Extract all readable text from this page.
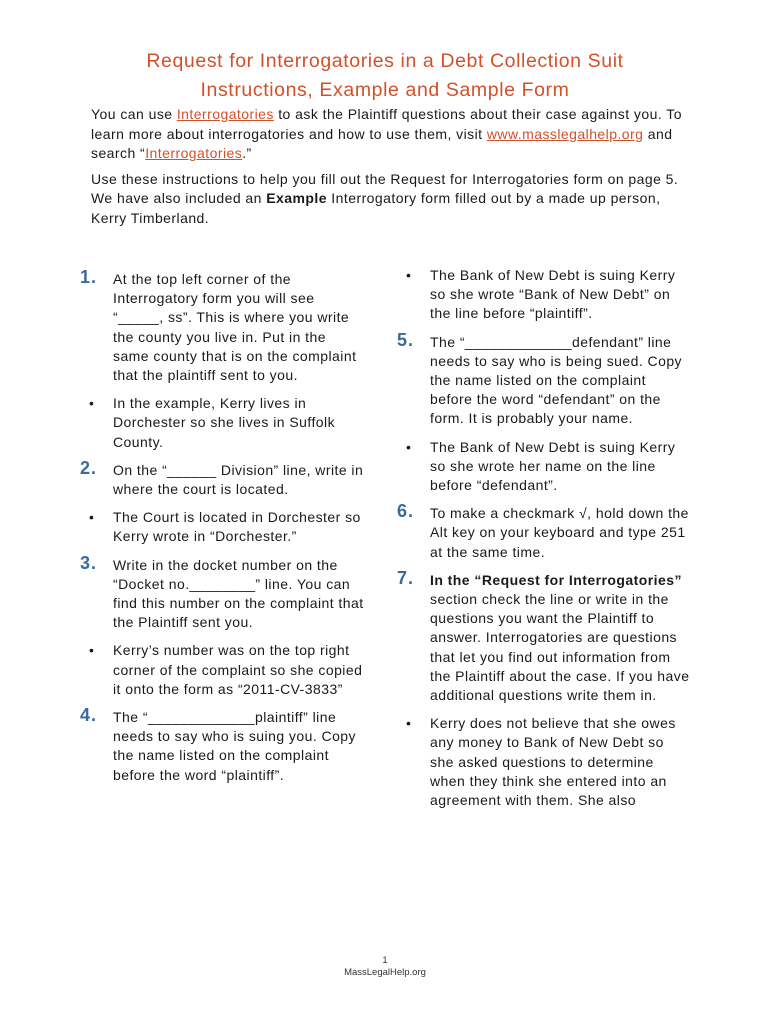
Request for Interrogatories in a Debt Collection Suit
Instructions, Example and Sample Form

You can use Interrogatories to ask the Plaintiff questions about their case against you. To learn more about interrogatories and how to use them, visit www.masslegalhelp.org and search “Interrogatories.”

Use these instructions to help you fill out the Request for Interrogatories form on page 5. We have also included an Example Interrogatory form filled out by a made up person, Kerry Timberland.

1. At the top left corner of the Interrogatory form you will see “_____, ss”. This is where you write the county you live in. Put in the same county that is on the complaint that the plaintiff sent to you.
• In the example, Kerry lives in Dorchester so she lives in Suffolk County.
2. On the “______ Division” line, write in where the court is located.
• The Court is located in Dorchester so Kerry wrote in “Dorchester.”
3. Write in the docket number on the “Docket no.________” line. You can find this number on the complaint that the Plaintiff sent you.
• Kerry’s number was on the top right corner of the complaint so she copied it onto the form as “2011-CV-3833”
4. The “_____________plaintiff” line needs to say who is suing you. Copy the name listed on the complaint before the word “plaintiff”.
• The Bank of New Debt is suing Kerry so she wrote “Bank of New Debt” on the line before “plaintiff”.
5. The “_____________defendant” line needs to say who is being sued. Copy the name listed on the complaint before the word “defendant” on the form. It is probably your name.
• The Bank of New Debt is suing Kerry so she wrote her name on the line before “defendant”.
6. To make a checkmark √, hold down the Alt key on your keyboard and type 251 at the same time.
7. In the “Request for Interrogatories” section check the line or write in the questions you want the Plaintiff to answer. Interrogatories are questions that let you find out information from the Plaintiff about the case. If you have additional questions write them in.
• Kerry does not believe that she owes any money to Bank of New Debt so she asked questions to determine when they think she entered into an agreement with them. She also
1
MassLegalHelp.org
